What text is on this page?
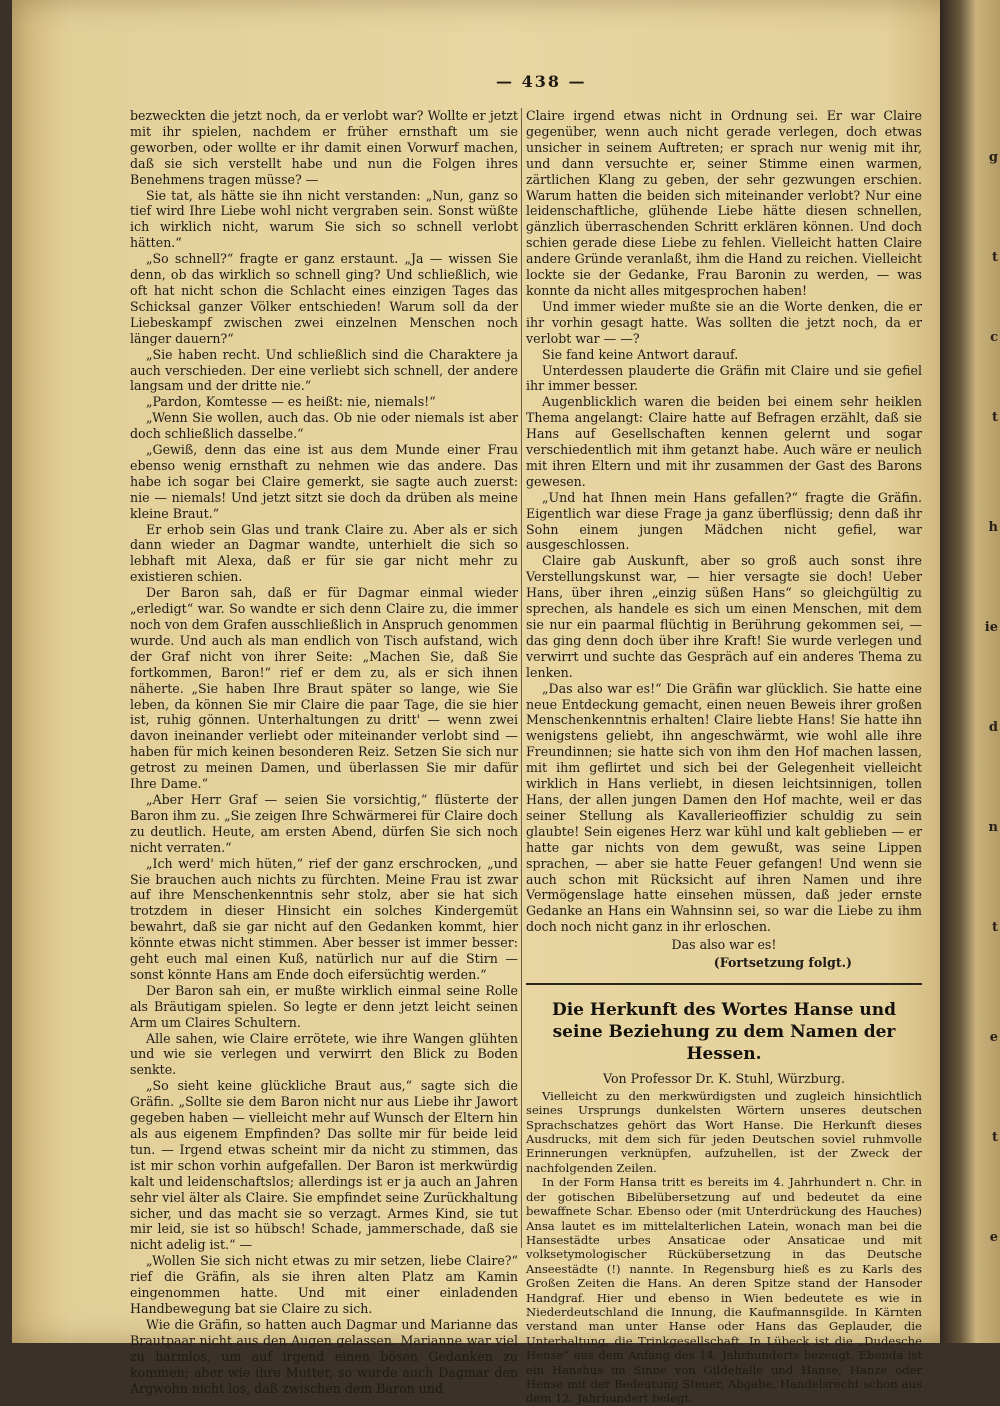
— 438 —

bezweckten die jetzt noch, da er verlobt war? Wollte er jetzt mit ihr spielen, nachdem er früher ernsthaft um sie geworben, oder wollte er ihr damit einen Vorwurf machen, daß sie sich verstellt habe und nun die Folgen ihres Benehmens tragen müsse? —

Sie tat, als hätte sie ihn nicht verstanden: „Nun, ganz so tief wird Ihre Liebe wohl nicht vergraben sein. Sonst wüßte ich wirklich nicht, warum Sie sich so schnell verlobt hätten.“

„So schnell?“ fragte er ganz erstaunt. „Ja — wissen Sie denn, ob das wirklich so schnell ging? Und schließlich, wie oft hat nicht schon die Schlacht eines einzigen Tages das Schicksal ganzer Völker entschieden! Warum soll da der Liebeskampf zwischen zwei einzelnen Menschen noch länger dauern?“

„Sie haben recht. Und schließlich sind die Charaktere ja auch verschieden. Der eine verliebt sich schnell, der andere langsam und der dritte nie.“

„Pardon, Komtesse — es heißt: nie, niemals!“

„Wenn Sie wollen, auch das. Ob nie oder niemals ist aber doch schließlich dasselbe.“

„Gewiß, denn das eine ist aus dem Munde einer Frau ebenso wenig ernsthaft zu nehmen wie das andere. Das habe ich sogar bei Claire gemerkt, sie sagte auch zuerst: nie — niemals! Und jetzt sitzt sie doch da drüben als meine kleine Braut.“

Er erhob sein Glas und trank Claire zu. Aber als er sich dann wieder an Dagmar wandte, unterhielt die sich so lebhaft mit Alexa, daß er für sie gar nicht mehr zu existieren schien.

Der Baron sah, daß er für Dagmar einmal wieder „erledigt“ war. So wandte er sich denn Claire zu, die immer noch von dem Grafen ausschließlich in Anspruch genommen wurde. Und auch als man endlich von Tisch aufstand, wich der Graf nicht von ihrer Seite: „Machen Sie, daß Sie fortkommen, Baron!“ rief er dem zu, als er sich ihnen näherte. „Sie haben Ihre Braut später so lange, wie Sie leben, da können Sie mir Claire die paar Tage, die sie hier ist, ruhig gönnen. Unterhaltungen zu dritt' — wenn zwei davon ineinander verliebt oder miteinander verlobt sind — haben für mich keinen besonderen Reiz. Setzen Sie sich nur getrost zu meinen Damen, und überlassen Sie mir dafür Ihre Dame.“

„Aber Herr Graf — seien Sie vorsichtig,“ flüsterte der Baron ihm zu. „Sie zeigen Ihre Schwärmerei für Claire doch zu deutlich. Heute, am ersten Abend, dürfen Sie sich noch nicht verraten.“

„Ich werd' mich hüten,“ rief der ganz erschrocken, „und Sie brauchen auch nichts zu fürchten. Meine Frau ist zwar auf ihre Menschenkenntnis sehr stolz, aber sie hat sich trotzdem in dieser Hinsicht ein solches Kindergemüt bewahrt, daß sie gar nicht auf den Gedanken kommt, hier könnte etwas nicht stimmen. Aber besser ist immer besser: geht euch mal einen Kuß, natürlich nur auf die Stirn — sonst könnte Hans am Ende doch eifersüchtig werden.“

Der Baron sah ein, er mußte wirklich einmal seine Rolle als Bräutigam spielen. So legte er denn jetzt leicht seinen Arm um Claires Schultern.

Alle sahen, wie Claire errötete, wie ihre Wangen glühten und wie sie verlegen und verwirrt den Blick zu Boden senkte.

„So sieht keine glückliche Braut aus,“ sagte sich die Gräfin. „Sollte sie dem Baron nicht nur aus Liebe ihr Jawort gegeben haben — vielleicht mehr auf Wunsch der Eltern hin als aus eigenem Empfinden? Das sollte mir für beide leid tun. — Irgend etwas scheint mir da nicht zu stimmen, das ist mir schon vorhin aufgefallen. Der Baron ist merkwürdig kalt und leidenschaftslos; allerdings ist er ja auch an Jahren sehr viel älter als Claire. Sie empfindet seine Zurückhaltung sicher, und das macht sie so verzagt. Armes Kind, sie tut mir leid, sie ist so hübsch! Schade, jammerschade, daß sie nicht adelig ist.“ —

„Wollen Sie sich nicht etwas zu mir setzen, liebe Claire?“ rief die Gräfin, als sie ihren alten Platz am Kamin eingenommen hatte. Und mit einer einladenden Handbewegung bat sie Claire zu sich.

Wie die Gräfin, so hatten auch Dagmar und Marianne das Brautpaar nicht aus den Augen gelassen. Marianne war viel zu harmlos, um auf irgend einen bösen Gedanken zu kommen; aber wie ihre Mutter, so wurde auch Dagmar den Argwohn nicht los, daß zwischen dem Baron und

Claire irgend etwas nicht in Ordnung sei. Er war Claire gegenüber, wenn auch nicht gerade verlegen, doch etwas unsicher in seinem Auftreten; er sprach nur wenig mit ihr, und dann versuchte er, seiner Stimme einen warmen, zärtlichen Klang zu geben, der sehr gezwungen erschien. Warum hatten die beiden sich miteinander verlobt? Nur eine leidenschaftliche, glühende Liebe hätte diesen schnellen, gänzlich überraschenden Schritt erklären können. Und doch schien gerade diese Liebe zu fehlen. Vielleicht hatten Claire andere Gründe veranlaßt, ihm die Hand zu reichen. Vielleicht lockte sie der Gedanke, Frau Baronin zu werden, — was konnte da nicht alles mitgesprochen haben!

Und immer wieder mußte sie an die Worte denken, die er ihr vorhin gesagt hatte. Was sollten die jetzt noch, da er verlobt war — —?

Sie fand keine Antwort darauf.

Unterdessen plauderte die Gräfin mit Claire und sie gefiel ihr immer besser.

Augenblicklich waren die beiden bei einem sehr heiklen Thema angelangt: Claire hatte auf Befragen erzählt, daß sie Hans auf Gesellschaften kennen gelernt und sogar verschiedentlich mit ihm getanzt habe. Auch wäre er neulich mit ihren Eltern und mit ihr zusammen der Gast des Barons gewesen.

„Und hat Ihnen mein Hans gefallen?“ fragte die Gräfin. Eigentlich war diese Frage ja ganz überflüssig; denn daß ihr Sohn einem jungen Mädchen nicht gefiel, war ausgeschlossen.

Claire gab Auskunft, aber so groß auch sonst ihre Verstellungskunst war, — hier versagte sie doch! Ueber Hans, über ihren „einzig süßen Hans“ so gleichgültig zu sprechen, als handele es sich um einen Menschen, mit dem sie nur ein paarmal flüchtig in Berührung gekommen sei, — das ging denn doch über ihre Kraft! Sie wurde verlegen und verwirrt und suchte das Gespräch auf ein anderes Thema zu lenken.

„Das also war es!“ Die Gräfin war glücklich. Sie hatte eine neue Entdeckung gemacht, einen neuen Beweis ihrer großen Menschenkenntnis erhalten! Claire liebte Hans! Sie hatte ihn wenigstens geliebt, ihn angeschwärmt, wie wohl alle ihre Freundinnen; sie hatte sich von ihm den Hof machen lassen, mit ihm geflirtet und sich bei der Gelegenheit vielleicht wirklich in Hans verliebt, in diesen leichtsinnigen, tollen Hans, der allen jungen Damen den Hof machte, weil er das seiner Stellung als Kavallerieoffizier schuldig zu sein glaubte! Sein eigenes Herz war kühl und kalt geblieben — er hatte gar nichts von dem gewußt, was seine Lippen sprachen, — aber sie hatte Feuer gefangen! Und wenn sie auch schon mit Rücksicht auf ihren Namen und ihre Vermögenslage hatte einsehen müssen, daß jeder ernste Gedanke an Hans ein Wahnsinn sei, so war die Liebe zu ihm doch noch nicht ganz in ihr erloschen.

Das also war es!

(Fortsetzung folgt.)

Die Herkunft des Wortes Hanse und seine Beziehung zu dem Namen der Hessen.
Von Professor Dr. K. Stuhl, Würzburg.

Vielleicht zu den merkwürdigsten und zugleich hinsichtlich seines Ursprungs dunkelsten Wörtern unseres deutschen Sprachschatzes gehört das Wort Hanse. Die Herkunft dieses Ausdrucks, mit dem sich für jeden Deutschen soviel ruhmvolle Erinnerungen verknüpfen, aufzuhellen, ist der Zweck der nachfolgenden Zeilen.

In der Form Hansa tritt es bereits im 4. Jahrhundert n. Chr. in der gotischen Bibelübersetzung auf und bedeutet da eine bewaffnete Schar. Ebenso oder (mit Unterdrückung des Hauches) Ansa lautet es im mittelalterlichen Latein, wonach man bei die Hansestädte urbes Ansaticae oder Ansaticae und mit volksetymologischer Rückübersetzung in das Deutsche Anseestädte (!) nannte. In Regensburg hieß es zu Karls des Großen Zeiten die Hans. An deren Spitze stand der Hansoder Handgraf. Hier und ebenso in Wien bedeutete es wie in Niederdeutschland die Innung, die Kaufmannsgilde. In Kärnten verstand man unter Hanse oder Hans das Geplauder, die Unterhaltung, die Trinkgesellschaft. In Lübeck ist die „Dudesche Hense“ aus dem Anfang des 14. Jahrhunderts bezeugt. Ebenda ist ein Hanshus im Sinne von Gildehalle und Hanse, Hanze oder Hense mit der Bedeutung Steuer, Abgabe, Handelsrecht schon aus dem 12. Jahrhundert belegt.

g
t
c
t
h
ie
d
n
t
e
t
e
